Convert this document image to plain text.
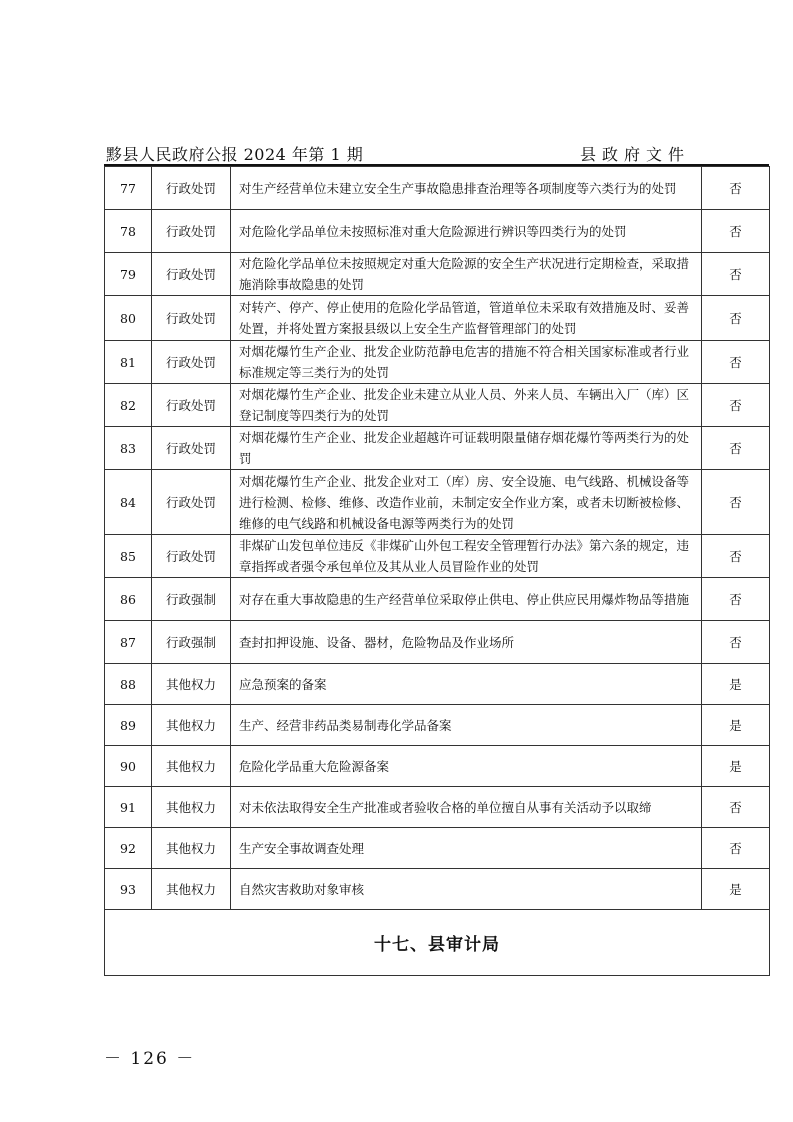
黟县人民政府公报 2024 年第 1 期	县政府文件
77	行政处罚	对生产经营单位未建立安全生产事故隐患排查治理等各项制度等六类行为的处罚	否
78	行政处罚	对危险化学品单位未按照标准对重大危险源进行辨识等四类行为的处罚	否
79	行政处罚	对危险化学品单位未按照规定对重大危险源的安全生产状况进行定期检查，采取措施消除事故隐患的处罚	否
80	行政处罚	对转产、停产、停止使用的危险化学品管道，管道单位未采取有效措施及时、妥善处置，并将处置方案报县级以上安全生产监督管理部门的处罚	否
81	行政处罚	对烟花爆竹生产企业、批发企业防范静电危害的措施不符合相关国家标准或者行业标准规定等三类行为的处罚	否
82	行政处罚	对烟花爆竹生产企业、批发企业未建立从业人员、外来人员、车辆出入厂（库）区登记制度等四类行为的处罚	否
83	行政处罚	对烟花爆竹生产企业、批发企业超越许可证载明限量储存烟花爆竹等两类行为的处罚	否
84	行政处罚	对烟花爆竹生产企业、批发企业对工（库）房、安全设施、电气线路、机械设备等进行检测、检修、维修、改造作业前，未制定安全作业方案，或者未切断被检修、维修的电气线路和机械设备电源等两类行为的处罚	否
85	行政处罚	非煤矿山发包单位违反《非煤矿山外包工程安全管理暂行办法》第六条的规定，违章指挥或者强令承包单位及其从业人员冒险作业的处罚	否
86	行政强制	对存在重大事故隐患的生产经营单位采取停止供电、停止供应民用爆炸物品等措施	否
87	行政强制	查封扣押设施、设备、器材，危险物品及作业场所	否
88	其他权力	应急预案的备案	是
89	其他权力	生产、经营非药品类易制毒化学品备案	是
90	其他权力	危险化学品重大危险源备案	是
91	其他权力	对未依法取得安全生产批准或者验收合格的单位擅自从事有关活动予以取缔	否
92	其他权力	生产安全事故调查处理	否
93	其他权力	自然灾害救助对象审核	是
十七、县审计局			
－ 126 －
